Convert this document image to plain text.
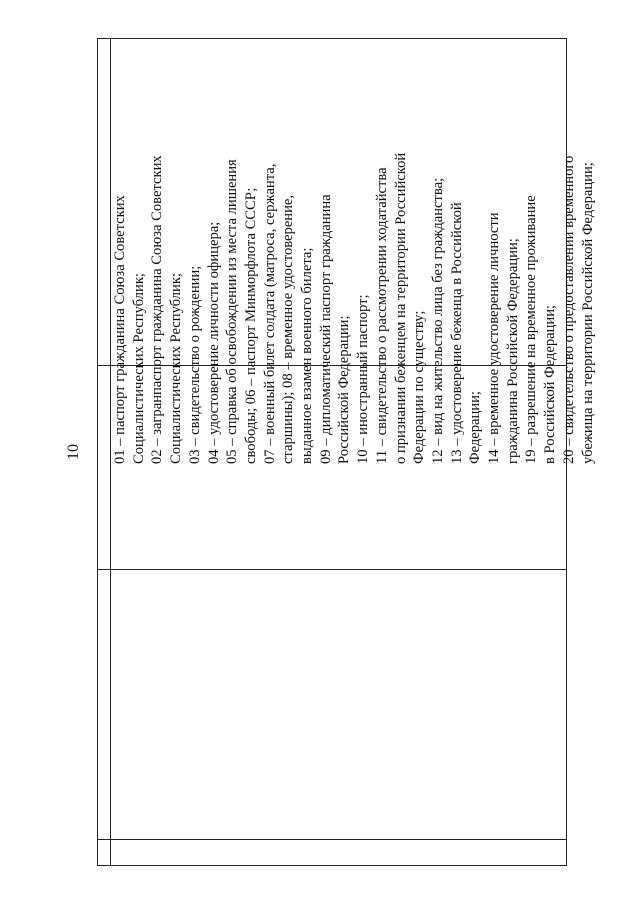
10 01 – паспорт гражданина Союза Советских Социалистических Республик; 02 – загранпаспорт гражданина Союза Советских Социалистических Республик; 03 – свидетельство о рождении; 04 – удостоверение личности офицера; 05 – справка об освобождении из места лишения свободы; 06 – паспорт Минморфлота СССР; 07 – военный билет солдата (матроса, сержанта, старшины); 08 – временное удостоверение, выданное взамен военного билета; 09 – дипломатический паспорт гражданина Российской Федерации; 10 – иностранный паспорт; 11 – свидетельство о рассмотрении ходатайства о признании беженцем на территории Российской Федерации по существу; 12 – вид на жительство лица без гражданства; 13 – удостоверение беженца в Российской Федерации; 14 – временное удостоверение личности гражданина Российской Федерации; 19 – разрешение на временное проживание в Российской Федерации; 20 – свидетельство о предоставлении временного убежища на территории Российской Федерации;
